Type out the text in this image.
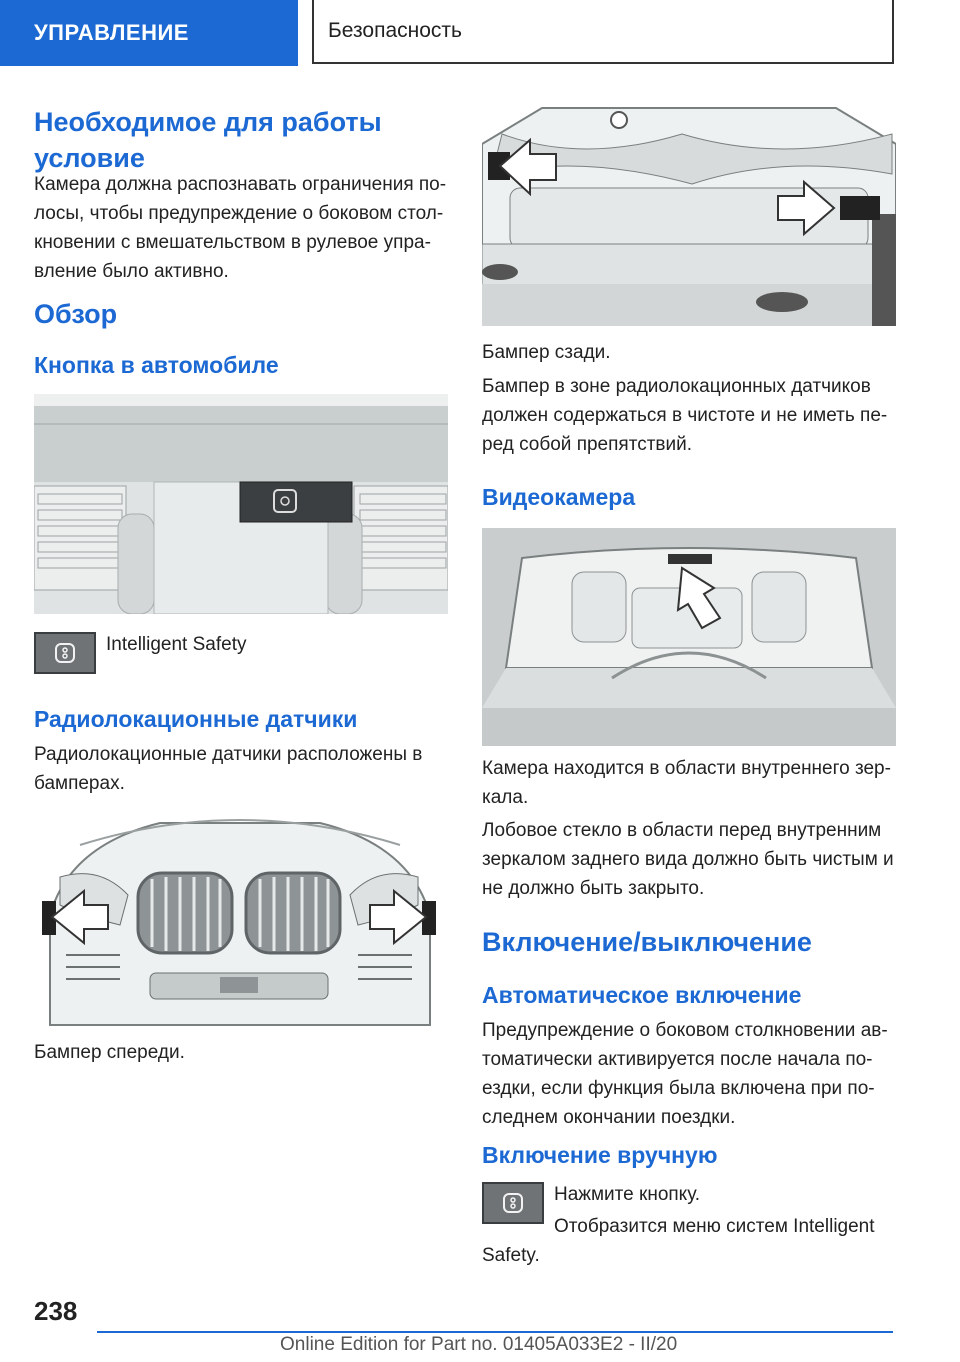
УПРАВЛЕНИЕ	Безопасность
Необходимое для работы условие
Камера должна распознавать ограничения по-лосы, чтобы предупреждение о боковом стол-кновении с вмешательством в рулевое упра-вление было активно.
Обзор
Кнопка в автомобиле
Intelligent Safety
Радиолокационные датчики
Радиолокационные датчики расположены в бамперах.
Бампер спереди.
Бампер сзади.
Бампер в зоне радиолокационных датчиков должен содержаться в чистоте и не иметь пе-ред собой препятствий.
Видеокамера
Камера находится в области внутреннего зер-кала.
Лобовое стекло в области перед внутренним зеркалом заднего вида должно быть чистым и не должно быть закрыто.
Включение/выключение
Автоматическое включение
Предупреждение о боковом столкновении ав-томатически активируется после начала по-ездки, если функция была включена при по-следнем окончании поездки.
Включение вручную
Нажмите кнопку.
Отобразится меню систем Intelligent Safety.
238
Online Edition for Part no. 01405A033E2 - II/20
